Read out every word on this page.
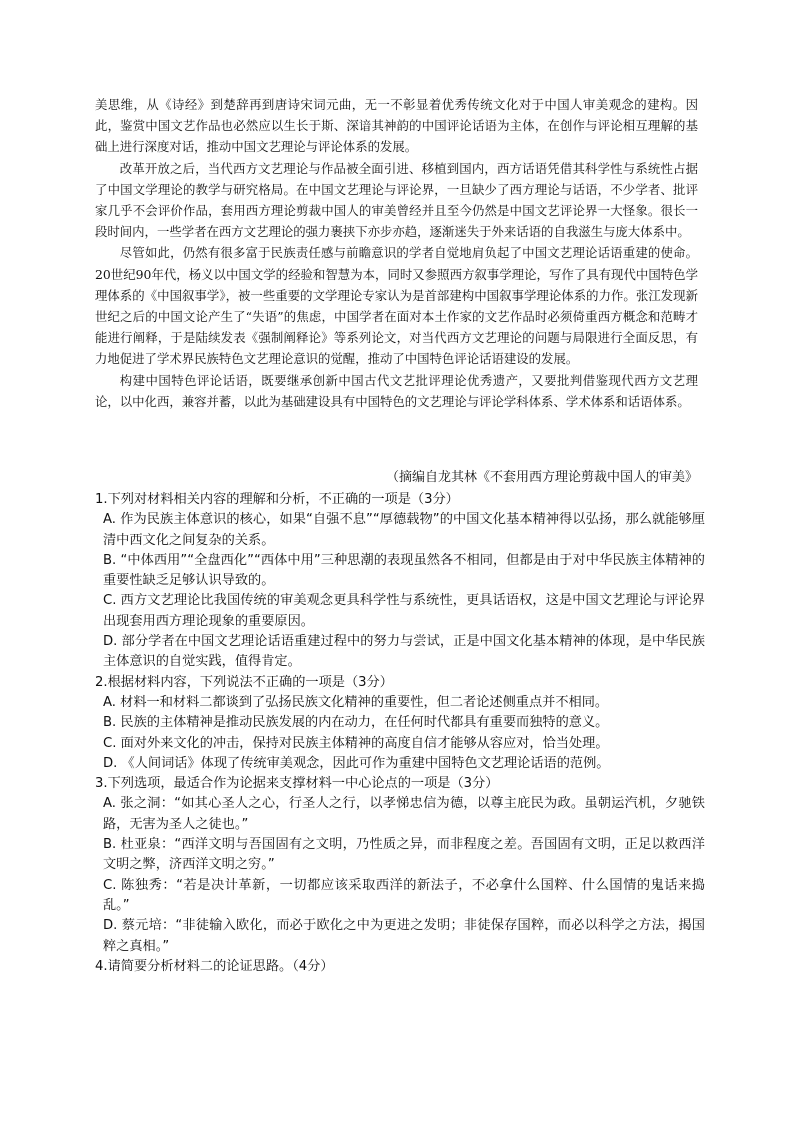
美思维，从《诗经》到楚辞再到唐诗宋词元曲，无一不彰显着优秀传统文化对于中国人审美观念的建构。因此，鉴赏中国文艺作品也必然应以生长于斯、深谙其神韵的中国评论话语为主体，在创作与评论相互理解的基础上进行深度对话，推动中国文艺理论与评论体系的发展。

改革开放之后，当代西方文艺理论与作品被全面引进、移植到国内，西方话语凭借其科学性与系统性占据了中国文学理论的教学与研究格局。在中国文艺理论与评论界，一旦缺少了西方理论与话语，不少学者、批评家几乎不会评价作品，套用西方理论剪裁中国人的审美曾经并且至今仍然是中国文艺评论界一大怪象。很长一段时间内，一些学者在西方文艺理论的强力裹挟下亦步亦趋，逐渐迷失于外来话语的自我滋生与庞大体系中。

尽管如此，仍然有很多富于民族责任感与前瞻意识的学者自觉地肩负起了中国文艺理论话语重建的使命。20世纪90年代，杨义以中国文学的经验和智慧为本，同时又参照西方叙事学理论，写作了具有现代中国特色学理体系的《中国叙事学》，被一些重要的文学理论专家认为是首部建构中国叙事学理论体系的力作。张江发现新世纪之后的中国文论产生了“失语”的焦虑，中国学者在面对本土作家的文艺作品时必须倚重西方概念和范畴才能进行阐释，于是陆续发表《强制阐释论》等系列论文，对当代西方文艺理论的问题与局限进行全面反思，有力地促进了学术界民族特色文艺理论意识的觉醒，推动了中国特色评论话语建设的发展。

构建中国特色评论话语，既要继承创新中国古代文艺批评理论优秀遗产，又要批判借鉴现代西方文艺理论，以中化西，兼容并蓄，以此为基础建设具有中国特色的文艺理论与评论学科体系、学术体系和话语体系。

（摘编自龙其林《不套用西方理论剪裁中国人的审美》

1.下列对材料相关内容的理解和分析，不正确的一项是（3分）

A. 作为民族主体意识的核心，如果“自强不息”“厚德载物”的中国文化基本精神得以弘扬，那么就能够厘清中西文化之间复杂的关系。

B. “中体西用”“全盘西化”“西体中用”三种思潮的表现虽然各不相同，但都是由于对中华民族主体精神的重要性缺乏足够认识导致的。

C. 西方文艺理论比我国传统的审美观念更具科学性与系统性，更具话语权，这是中国文艺理论与评论界出现套用西方理论现象的重要原因。

D. 部分学者在中国文艺理论话语重建过程中的努力与尝试，正是中国文化基本精神的体现，是中华民族主体意识的自觉实践，值得肯定。

2.根据材料内容，下列说法不正确的一项是（3分）

A. 材料一和材料二都谈到了弘扬民族文化精神的重要性，但二者论述侧重点并不相同。

B. 民族的主体精神是推动民族发展的内在动力，在任何时代都具有重要而独特的意义。

C. 面对外来文化的冲击，保持对民族主体精神的高度自信才能够从容应对，恰当处理。

D. 《人间词话》体现了传统审美观念，因此可作为重建中国特色文艺理论话语的范例。

3.下列选项，最适合作为论据来支撑材料一中心论点的一项是（3分）

A. 张之洞：“如其心圣人之心，行圣人之行，以孝悌忠信为德，以尊主庇民为政。虽朝运汽机，夕驰铁路，无害为圣人之徒也。”

B. 杜亚泉：“西洋文明与吾国固有之文明，乃性质之异，而非程度之差。吾国固有文明，正足以救西洋文明之弊，济西洋文明之穷。”

C. 陈独秀：“若是决计革新，一切都应该采取西洋的新法子，不必拿什么国粹、什么国情的鬼话来捣乱。”

D. 蔡元培：“非徒输入欧化，而必于欧化之中为更进之发明；非徒保存国粹，而必以科学之方法，揭国粹之真相。”

4.请简要分析材料二的论证思路。（4分）
